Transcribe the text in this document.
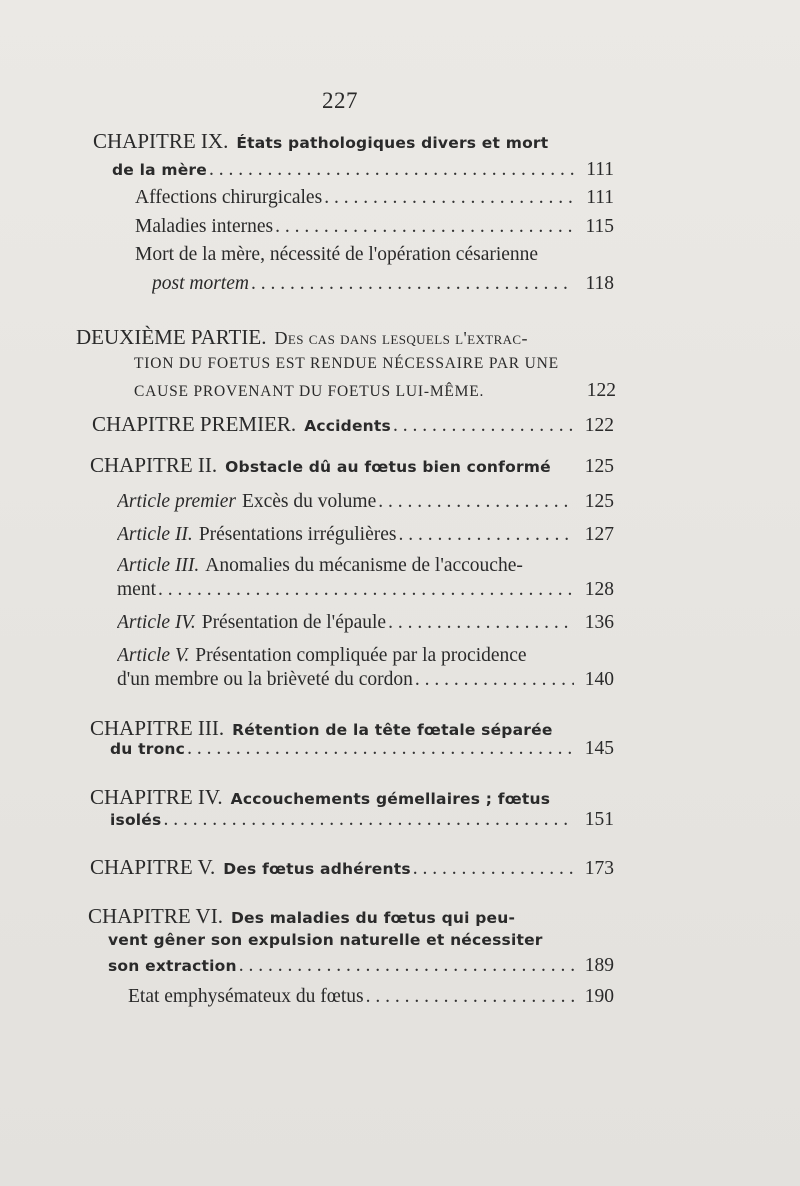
227
CHAPITRE IX. États pathologiques divers et mort
de la mère . . .	111
Affections chirurgicales . . .	111
Maladies internes . . .	115
Mort de la mère, nécessité de l'opération césarienne
post mortem . . .	118
DEUXIÈME PARTIE. Des cas dans lesquels l'extrac-
TION DU FOETUS EST RENDUE NÉCESSAIRE PAR UNE
CAUSE PROVENANT DU FOETUS LUI-MÊME.	122
CHAPITRE PREMIER. Accidents . . .	122
CHAPITRE II. Obstacle dû au fœtus bien conformé	125
Article premier Excès du volume . . .	125
Article II. Présentations irrégulières . . .	127
Article III. Anomalies du mécanisme de l'accouche-
ment . . .	128
Article IV. Présentation de l'épaule . . .	136
Article V. Présentation compliquée par la procidence
d'un membre ou la brièveté du cordon . . .	140
CHAPITRE III. Rétention de la tête fœtale séparée
du tronc . . .	145
CHAPITRE IV. Accouchements gémellaires ; fœtus
isolés . . .	151
CHAPITRE V. Des fœtus adhérents . . .	173
CHAPITRE VI. Des maladies du fœtus qui peu-
vent gêner son expulsion naturelle et nécessiter
son extraction . . .	189
Etat emphysémateux du fœtus . . .	190
